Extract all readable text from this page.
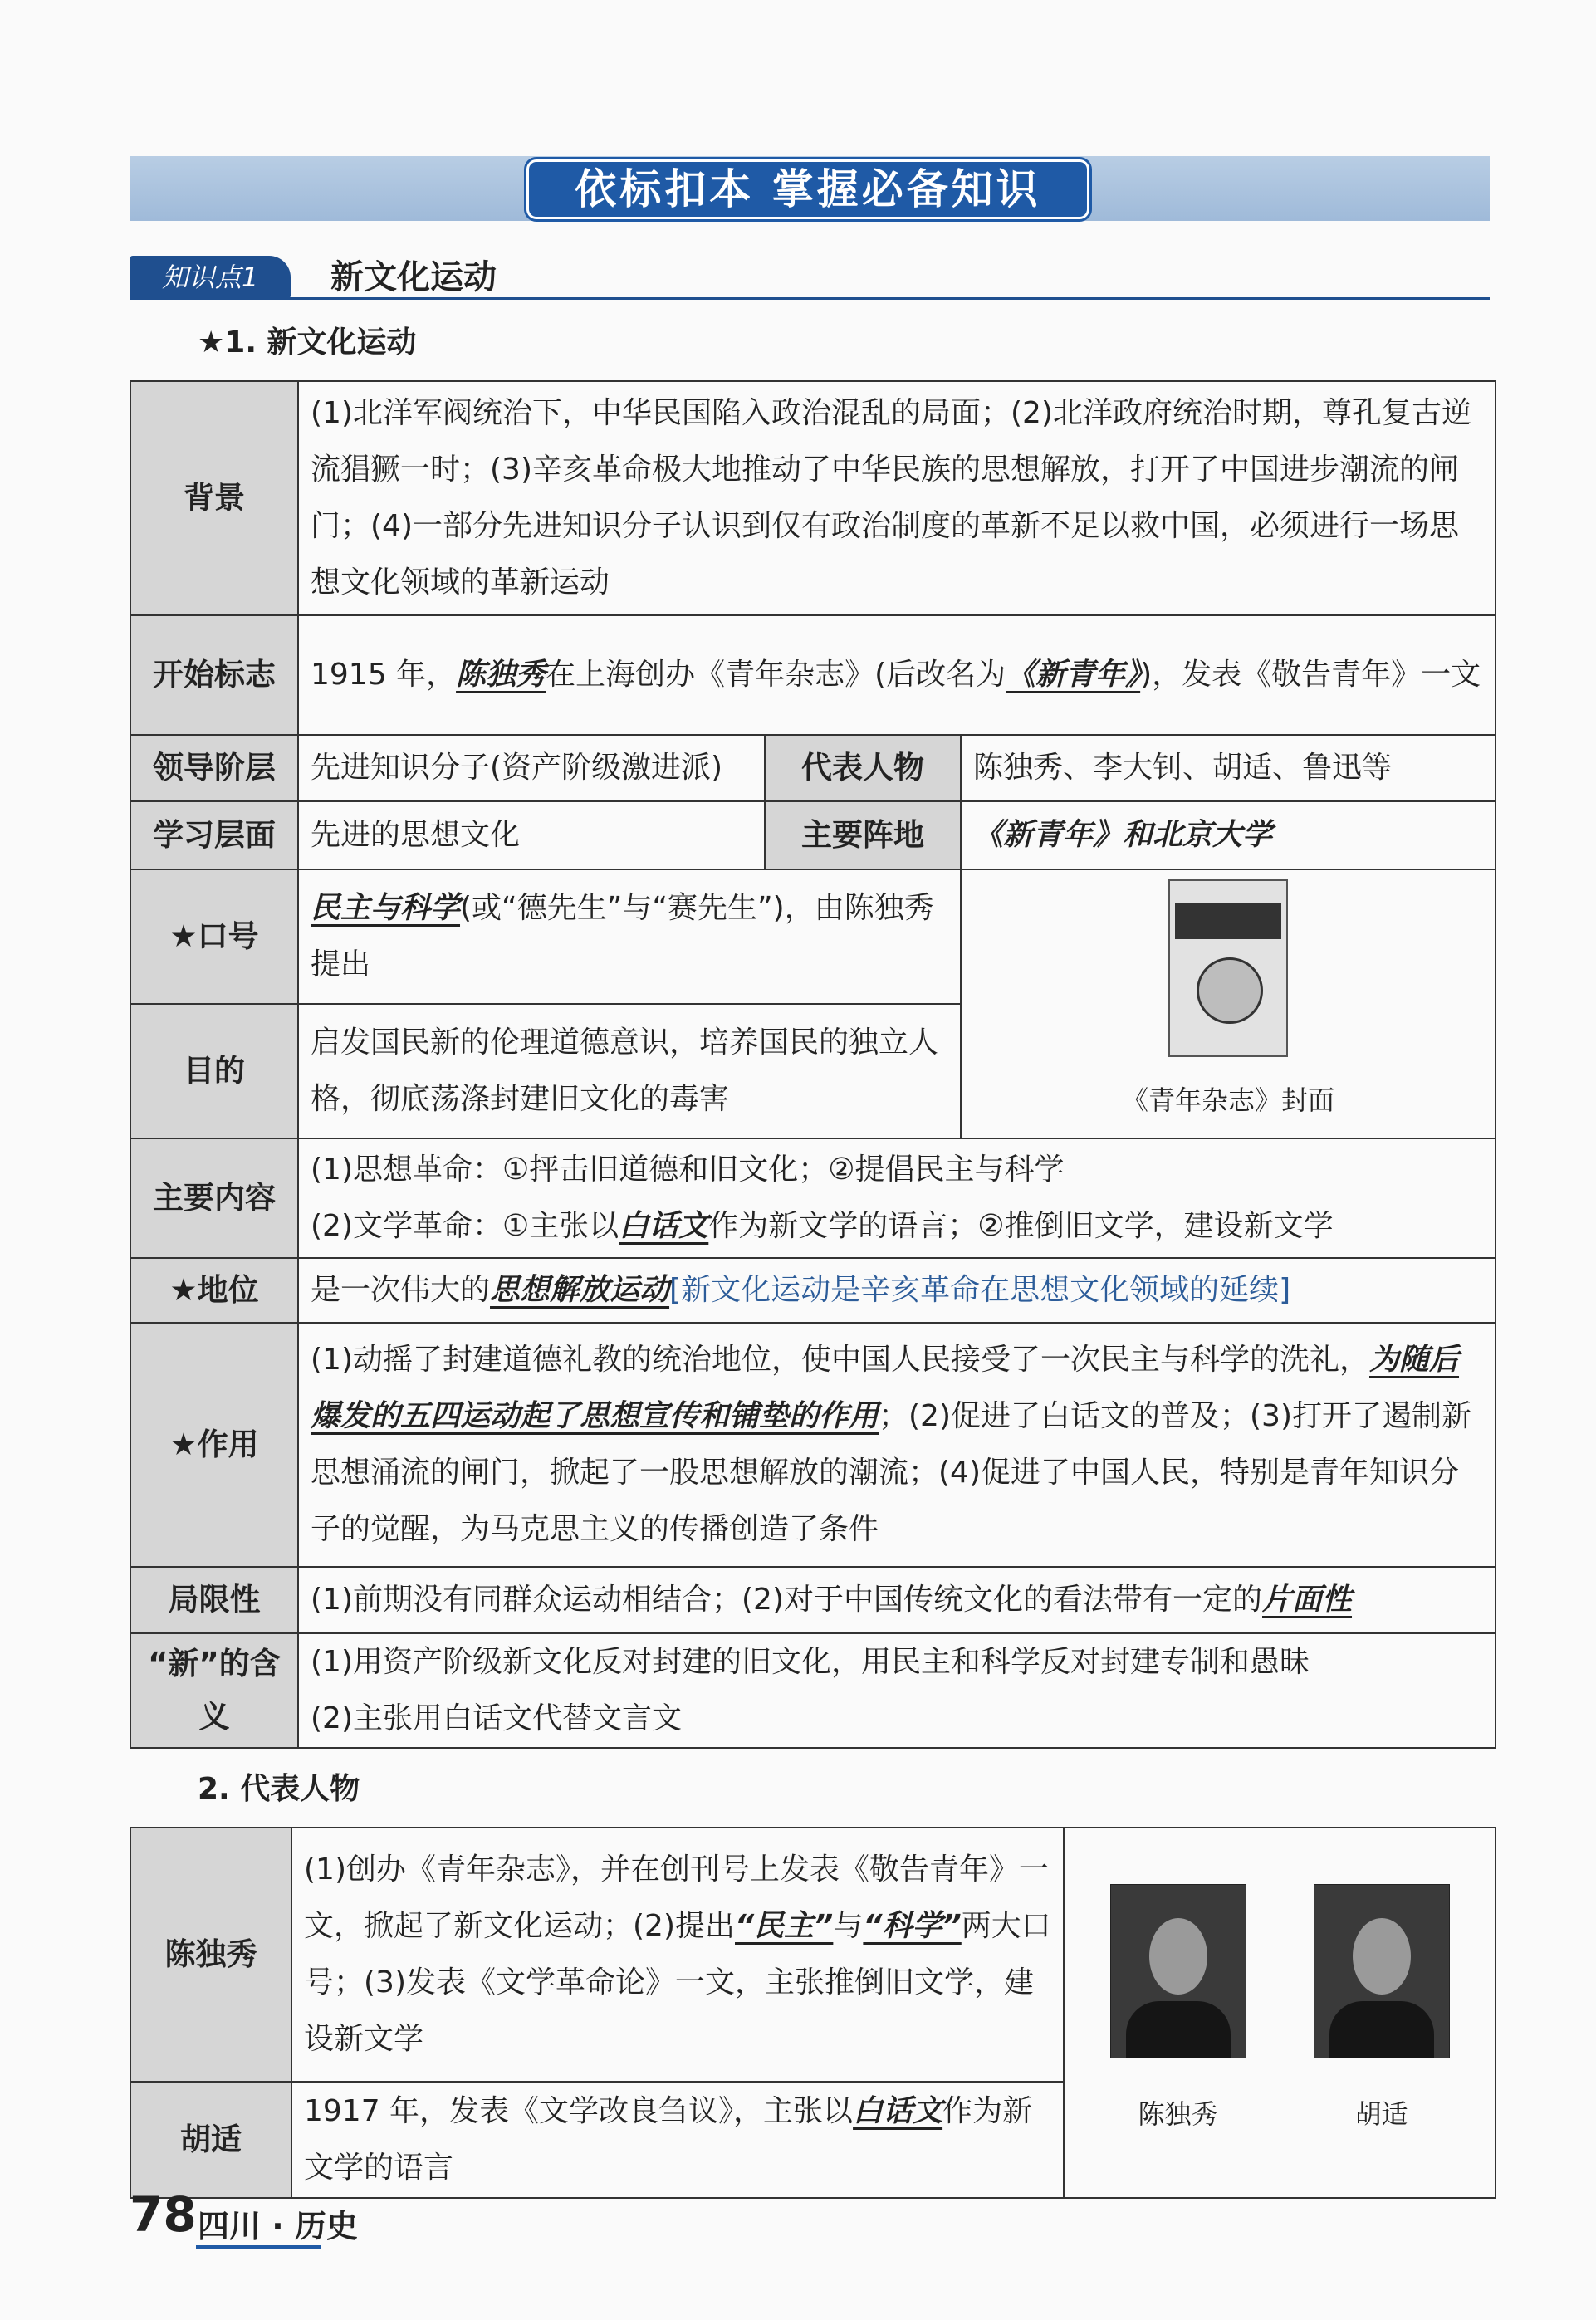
依标扣本 掌握必备知识
知识点1	新文化运动
★1. 新文化运动
背景	(1)北洋军阀统治下，中华民国陷入政治混乱的局面；(2)北洋政府统治时期，尊孔复古逆流猖獗一时；(3)辛亥革命极大地推动了中华民族的思想解放，打开了中国进步潮流的闸门；(4)一部分先进知识分子认识到仅有政治制度的革新不足以救中国，必须进行一场思想文化领域的革新运动		
开始标志	1915 年，陈独秀在上海创办《青年杂志》(后改名为《新青年》)，发表《敬告青年》一文		
领导阶层	先进知识分子(资产阶级激进派)	代表人物	陈独秀、李大钊、胡适、鲁迅等
学习层面	先进的思想文化	主要阵地	《新青年》和北京大学
★口号	民主与科学(或“德先生”与“赛先生”)，由陈独秀提出		《青年杂志》封面

目的	启发国民新的伦理道德意识，培养国民的独立人格，彻底荡涤封建旧文化的毒害		
主要内容	(1)思想革命：①抨击旧道德和旧文化；②提倡民主与科学
(2)文学革命：①主张以白话文作为新文学的语言；②推倒旧文学，建设新文学		

★地位	是一次伟大的思想解放运动[新文化运动是辛亥革命在思想文化领域的延续]		
★作用	(1)动摇了封建道德礼教的统治地位，使中国人民接受了一次民主与科学的洗礼，为随后爆发的五四运动起了思想宣传和铺垫的作用；(2)促进了白话文的普及；(3)打开了遏制新思想涌流的闸门，掀起了一股思想解放的潮流；(4)促进了中国人民，特别是青年知识分子的觉醒，为马克思主义的传播创造了条件		
局限性	(1)前期没有同群众运动相结合；(2)对于中国传统文化的看法带有一定的片面性		
“新”的含义	(1)用资产阶级新文化反对封建的旧文化，用民主和科学反对封建专制和愚昧
(2)主张用白话文代替文言文		
2. 代表人物
陈独秀	(1)创办《青年杂志》，并在创刊号上发表《敬告青年》一文，掀起了新文化运动；(2)提出“民主”与“科学”两大口号；(3)发表《文学革命论》一文，主张推倒旧文学，建设新文学	陈独秀 胡适

胡适	1917 年，发表《文学改良刍议》，主张以白话文作为新文学的语言	
78 四川 · 历史
